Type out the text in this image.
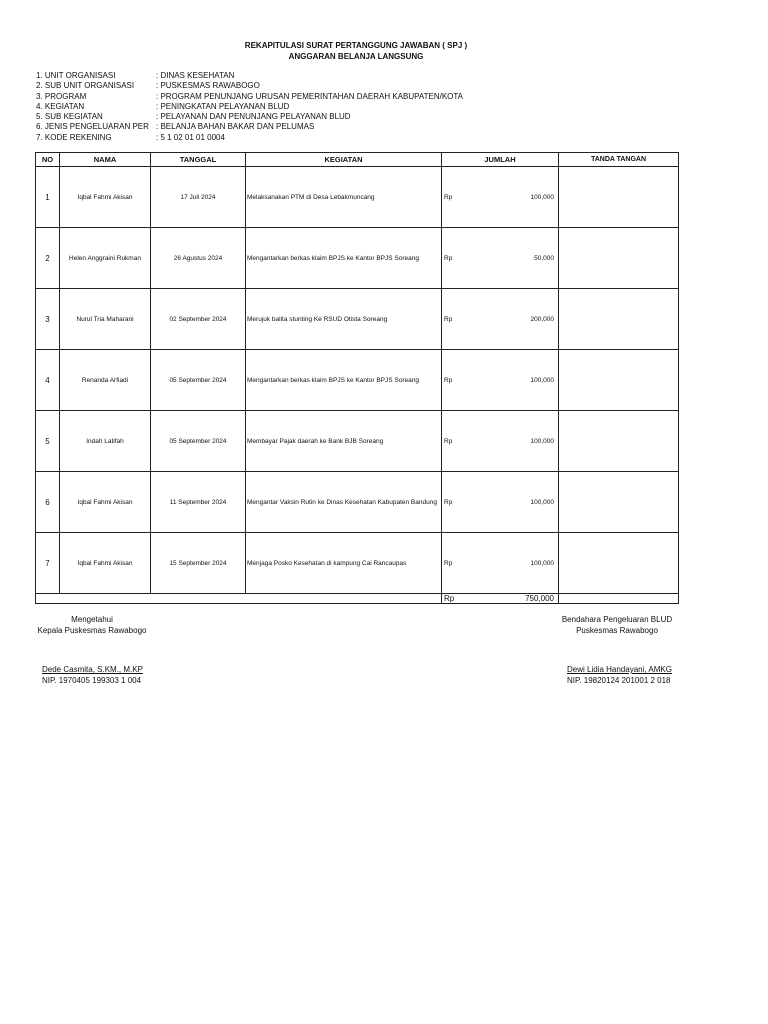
REKAPITULASI SURAT PERTANGGUNG JAWABAN ( SPJ )
ANGGARAN BELANJA LANGSUNG
1. UNIT ORGANISASI	: DINAS KESEHATAN
2. SUB UNIT ORGANISASI	: PUSKESMAS RAWABOGO
3. PROGRAM	: PROGRAM PENUNJANG URUSAN PEMERINTAHAN DAERAH KABUPATEN/KOTA
4. KEGIATAN	: PENINGKATAN PELAYANAN BLUD
5. SUB KEGIATAN	: PELAYANAN DAN PENUNJANG PELAYANAN BLUD
6. JENIS PENGELUARAN PER : BELANJA BAHAN BAKAR DAN PELUMAS
7. KODE REKENING	: 5 1 02 01 01 0004
NO	NAMA	TANGGAL	KEGIATAN	JUMLAH	TANDA TANGAN
1	Iqbal Fahmi Akisan	17 Juli 2024	Melaksanakan PTM di Desa Lebakmuncang	Rp 100,000	

2	Helen Anggraini Rukman	26 Agustus 2024	Mengantarkan berkas klaim BPJS ke Kantor BPJS Soreang	Rp 50,000	

3	Nurul Tria Maharani	02 September 2024	Merujuk balita stunting Ke RSUD Otista Soreang	Rp 200,000	

4	Renanda Arfiadi	05 September 2024	Mengantarkan berkas klaim BPJS ke Kantor BPJS Soreang	Rp 100,000	

5	Indah Latifah	05 September 2024	Membayar Pajak daerah ke Bank BJB Soreang	Rp 100,000	

6	Iqbal Fahmi Akisan	11 September 2024	Mengantar Vaksin Rutin ke Dinas Kesehatan Kabupaten Bandung	Rp 100,000	

7	Iqbal Fahmi Akisan	15 September 2024	Menjaga Posko Kesehatan di kampung Cai Rancaupas	Rp 100,000	

				Rp 750,000	

Mengetahui
Kepala Puskesmas Rawabogo
Bendahara Pengeluaran BLUD
Puskesmas Rawabogo
Dede Casmita, S.KM., M.KP
NIP. 1970405 199303 1 004
Dewi Lidia Handayani, AMKG
NIP. 19820124 201001 2 018
